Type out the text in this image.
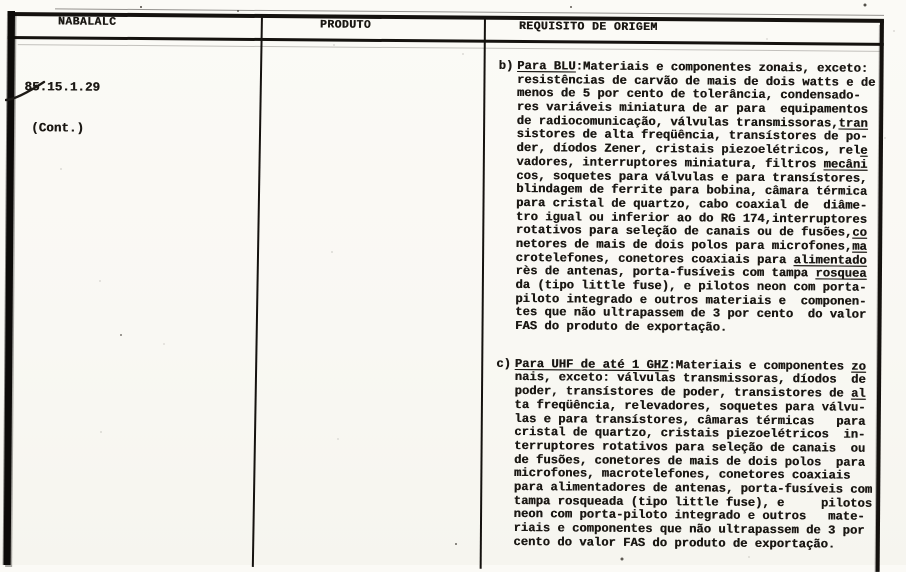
NABALALC	PRODUTO	REQUISITO DE ORIGEM

85.15.1.29

(Cont.)

b) Para BLU:Materiais e componentes zonais, exceto:
resistências de carvão de mais de dois watts e de
menos de 5 por cento de tolerância, condensado-
res variáveis miniatura de ar para  equipamentos
de radiocomunicação, válvulas transmissoras,tran
sistores de alta freqüência, transístores de po-
der, díodos Zener, cristais piezoelétricos, rele
vadores, interruptores miniatura, filtros mecâni
cos, soquetes para válvulas e para transístores,
blindagem de ferrite para bobina, câmara térmica
para cristal de quartzo, cabo coaxial de  diâme-
tro igual ou inferior ao do RG 174,interruptores
rotativos para seleção de canais ou de fusões,co
netores de mais de dois polos para microfones,ma
crotelefones, conetores coaxiais para alimentado
rès de antenas, porta-fusíveis com tampa rosquea
da (tipo little fuse), e pilotos neon com porta-
piloto integrado e outros materiais e  componen-
tes que não ultrapassem de 3 por cento  do valor
FAS do produto de exportação.
c) Para UHF de até 1 GHZ:Materiais e componentes zo
nais, exceto: válvulas transmissoras, díodos  de
poder, transístores de poder, transistores de al
ta freqüência, relevadores, soquetes para válvu-
las e para transístores, câmaras térmicas   para
cristal de quartzo, cristais piezoelétricos  in-
terruptores rotativos para seleção de canais  ou
de fusões, conetores de mais de dois polos  para
microfones, macrotelefones, conetores coaxiais
para alimentadores de antenas, porta-fusíveis com
tampa rosqueada (tipo little fuse), e     pilotos
neon com porta-piloto integrado e outros   mate-
riais e componentes que não ultrapassem de 3 por
cento do valor FAS do produto de exportação.
